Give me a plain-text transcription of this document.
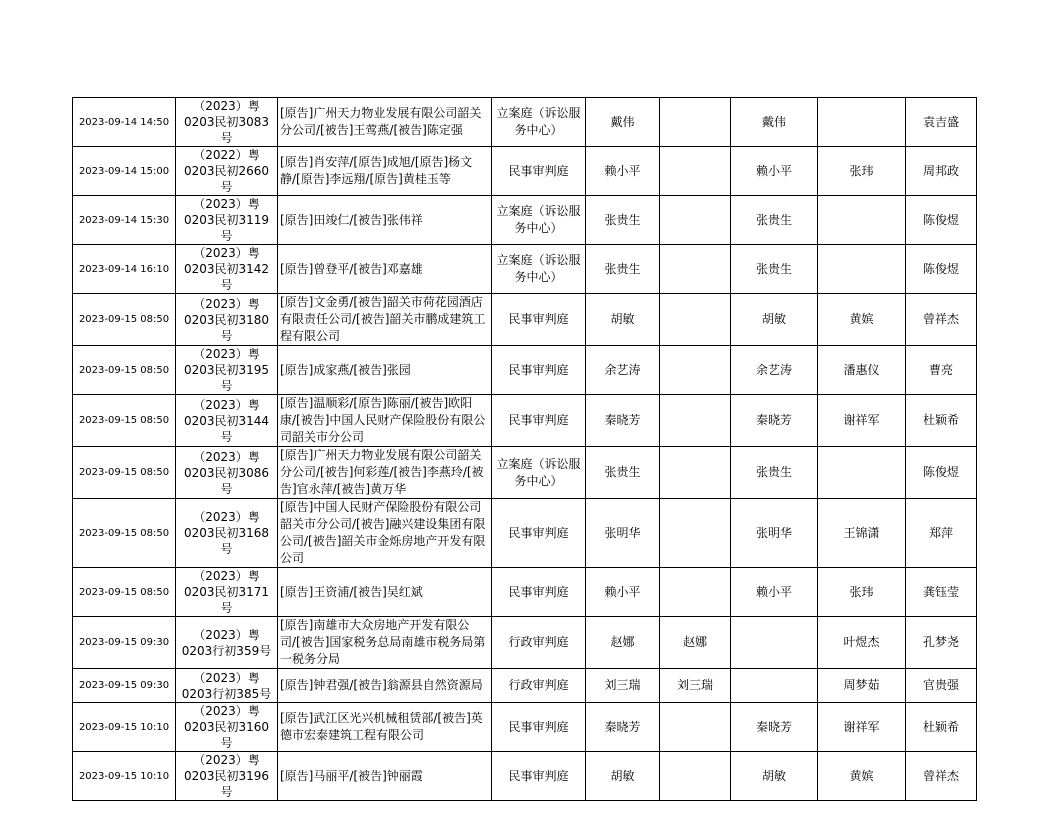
2023-09-14 14:50	（2023）粤0203民初3083号	[原告]广州天力物业发展有限公司韶关分公司/[被告]王莺燕/[被告]陈定强	立案庭（诉讼服务中心）	戴伟		戴伟		袁吉盛
2023-09-14 15:00	（2022）粤0203民初2660号	[原告]肖安萍/[原告]成旭/[原告]杨文静/[原告]李远翔/[原告]黄桂玉等	民事审判庭	赖小平		赖小平	张玮	周邦政
2023-09-14 15:30	（2023）粤0203民初3119号	[原告]田竣仁/[被告]张伟祥	立案庭（诉讼服务中心）	张贵生		张贵生		陈俊煜
2023-09-14 16:10	（2023）粤0203民初3142号	[原告]曾登平/[被告]邓嘉雄	立案庭（诉讼服务中心）	张贵生		张贵生		陈俊煜
2023-09-15 08:50	（2023）粤0203民初3180号	[原告]文金勇/[被告]韶关市荷花园酒店有限责任公司/[被告]韶关市鹏成建筑工程有限公司	民事审判庭	胡敏		胡敏	黄嫔	曾祥杰
2023-09-15 08:50	（2023）粤0203民初3195号	[原告]成家燕/[被告]张园	民事审判庭	余艺涛		余艺涛	潘惠仪	曹亮
2023-09-15 08:50	（2023）粤0203民初3144号	[原告]温顺彩/[原告]陈丽/[被告]欧阳康/[被告]中国人民财产保险股份有限公司韶关市分公司	民事审判庭	秦晓芳		秦晓芳	谢祥军	杜颖希
2023-09-15 08:50	（2023）粤0203民初3086号	[原告]广州天力物业发展有限公司韶关分公司/[被告]何彩莲/[被告]李燕玲/[被告]官永萍/[被告]黄万华	立案庭（诉讼服务中心）	张贵生		张贵生		陈俊煜
2023-09-15 08:50	（2023）粤0203民初3168号	[原告]中国人民财产保险股份有限公司韶关市分公司/[被告]融兴建设集团有限公司/[被告]韶关市金烁房地产开发有限公司	民事审判庭	张明华		张明华	王锦潇	郑萍
2023-09-15 08:50	（2023）粤0203民初3171号	[原告]王资浦/[被告]吴红斌	民事审判庭	赖小平		赖小平	张玮	龚钰莹
2023-09-15 09:30	（2023）粤0203行初359号	[原告]南雄市大众房地产开发有限公司/[被告]国家税务总局南雄市税务局第一税务分局	行政审判庭	赵娜	赵娜		叶煜杰	孔梦尧
2023-09-15 09:30	（2023）粤0203行初385号	[原告]钟君强/[被告]翁源县自然资源局	行政审判庭	刘三瑞	刘三瑞		周梦茹	官贵强
2023-09-15 10:10	（2023）粤0203民初3160号	[原告]武江区光兴机械租赁部/[被告]英德市宏泰建筑工程有限公司	民事审判庭	秦晓芳		秦晓芳	谢祥军	杜颖希
2023-09-15 10:10	（2023）粤0203民初3196号	[原告]马丽平/[被告]钟丽霞	民事审判庭	胡敏		胡敏	黄嫔	曾祥杰
